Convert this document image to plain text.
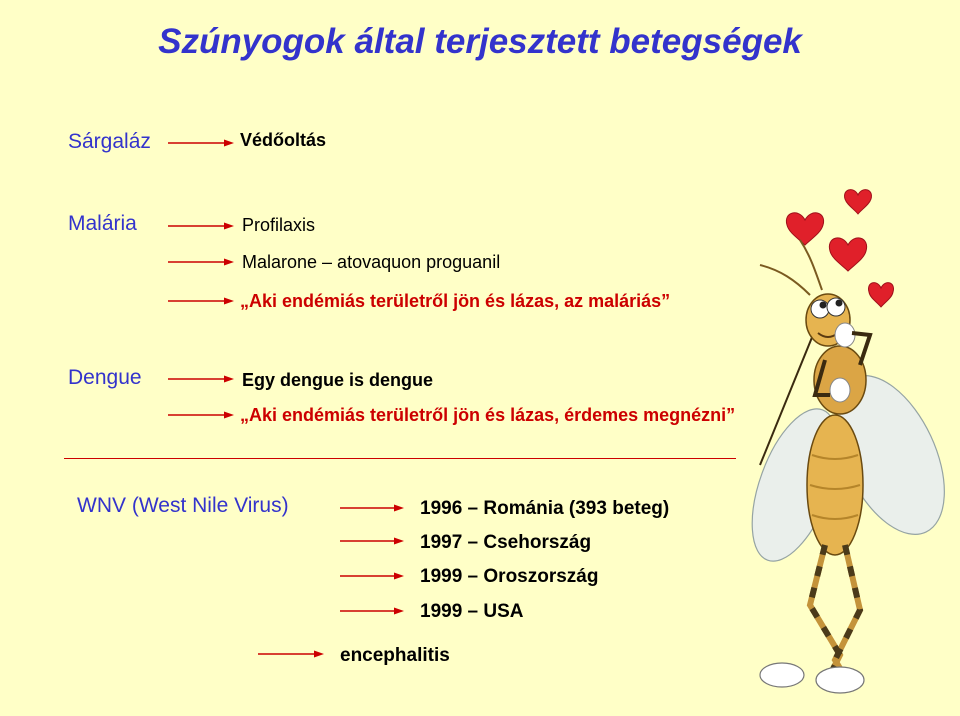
Szúnyogok által terjesztett betegségek
Sárgaláz	Védőoltás
Malária	Profilaxis
Malarone – atovaquon proguanil
„Aki endémiás területről jön és lázas, az maláriás”
Dengue	Egy dengue is dengue
„Aki endémiás területről jön és lázas, érdemes megnézni”
WNV (West Nile Virus)	1996 – Románia (393 beteg)
1997 – Csehország
1999 – Oroszország
1999 – USA
encephalitis
